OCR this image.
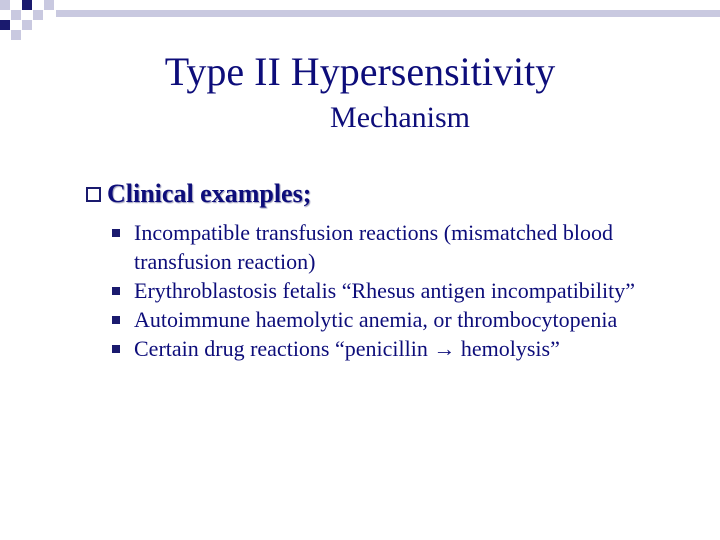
Type II Hypersensitivity
Mechanism
Clinical examples;
Incompatible transfusion reactions (mismatched blood transfusion reaction)
Erythroblastosis fetalis “Rhesus antigen incompatibility”
Autoimmune haemolytic anemia, or thrombocytopenia
Certain drug reactions “penicillin → hemolysis”
